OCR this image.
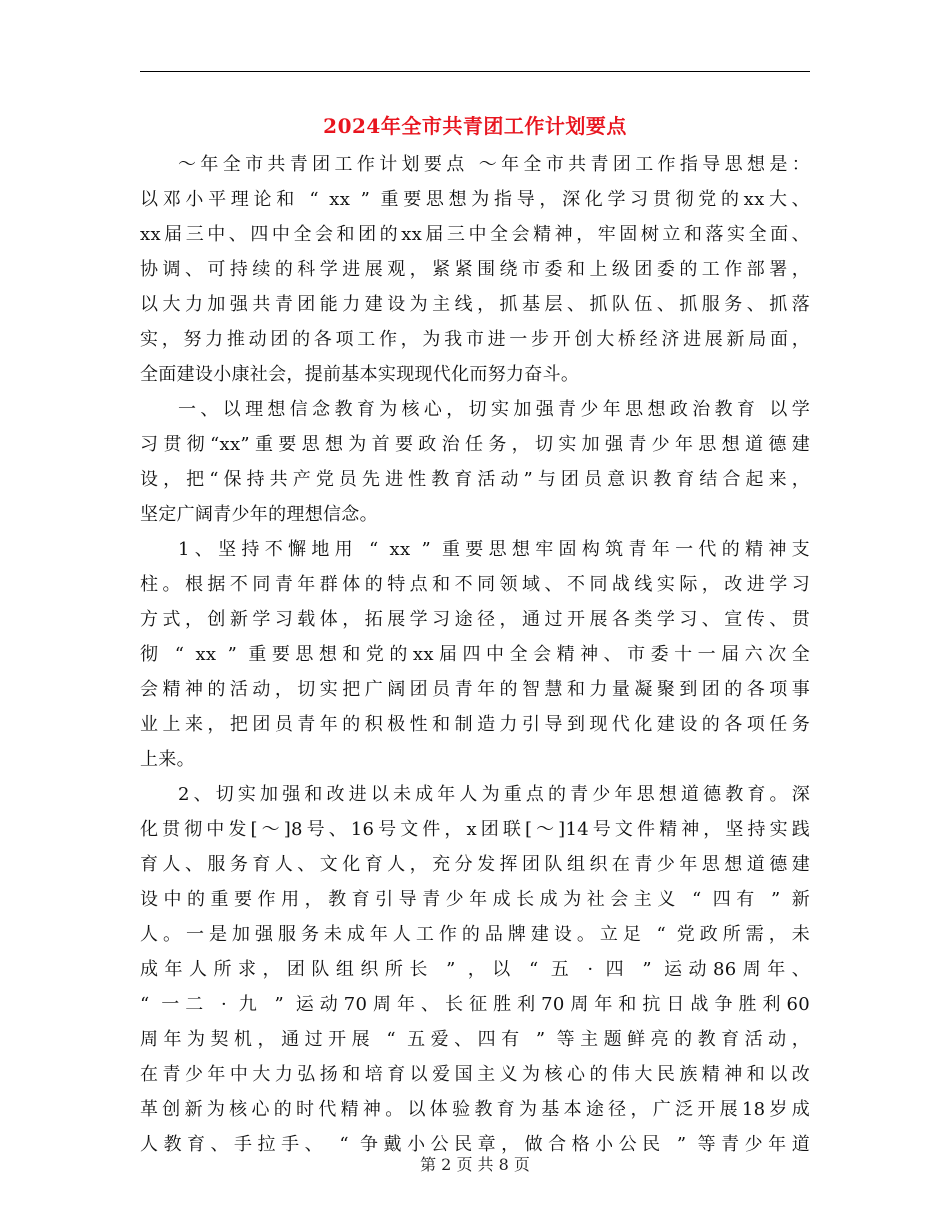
2024年全市共青团工作计划要点
～年全市共青团工作计划要点 ～年全市共青团工作指导思想是：
以邓小平理论和 “ xx ” 重要思想为指导，深化学习贯彻党的xx大、
xx届三中、四中全会和团的xx届三中全会精神，牢固树立和落实全面、
协调、可持续的科学进展观，紧紧围绕市委和上级团委的工作部署，
以大力加强共青团能力建设为主线，抓基层、抓队伍、抓服务、抓落
实，努力推动团的各项工作，为我市进一步开创大桥经济进展新局面，
全面建设小康社会，提前基本实现现代化而努力奋斗。
一、以理想信念教育为核心，切实加强青少年思想政治教育 以学
习贯彻“xx”重要思想为首要政治任务，切实加强青少年思想道德建
设，把“保持共产党员先进性教育活动”与团员意识教育结合起来，
坚定广阔青少年的理想信念。
1、坚持不懈地用 “ xx ” 重要思想牢固构筑青年一代的精神支
柱。根据不同青年群体的特点和不同领域、不同战线实际，改进学习
方式，创新学习载体，拓展学习途径，通过开展各类学习、宣传、贯
彻 “ xx ” 重要思想和党的xx届四中全会精神、市委十一届六次全
会精神的活动，切实把广阔团员青年的智慧和力量凝聚到团的各项事
业上来，把团员青年的积极性和制造力引导到现代化建设的各项任务
上来。
2、切实加强和改进以未成年人为重点的青少年思想道德教育。深
化贯彻中发[～]8号、16号文件，x团联[～]14号文件精神，坚持实践
育人、服务育人、文化育人，充分发挥团队组织在青少年思想道德建
设中的重要作用，教育引导青少年成长成为社会主义 “ 四有 ” 新
人。一是加强服务未成年人工作的品牌建设。立足 “ 党政所需，未
成年人所求，团队组织所长 ” ，以 “ 五 · 四 ” 运动86周年、
“ 一二 · 九 ” 运动70周年、长征胜利70周年和抗日战争胜利60
周年为契机，通过开展 “ 五爱、四有 ” 等主题鲜亮的教育活动，
在青少年中大力弘扬和培育以爱国主义为核心的伟大民族精神和以改
革创新为核心的时代精神。以体验教育为基本途径，广泛开展18岁成
人教育、手拉手、 “ 争戴小公民章，做合格小公民 ” 等青少年道
第 2 页 共 8 页
